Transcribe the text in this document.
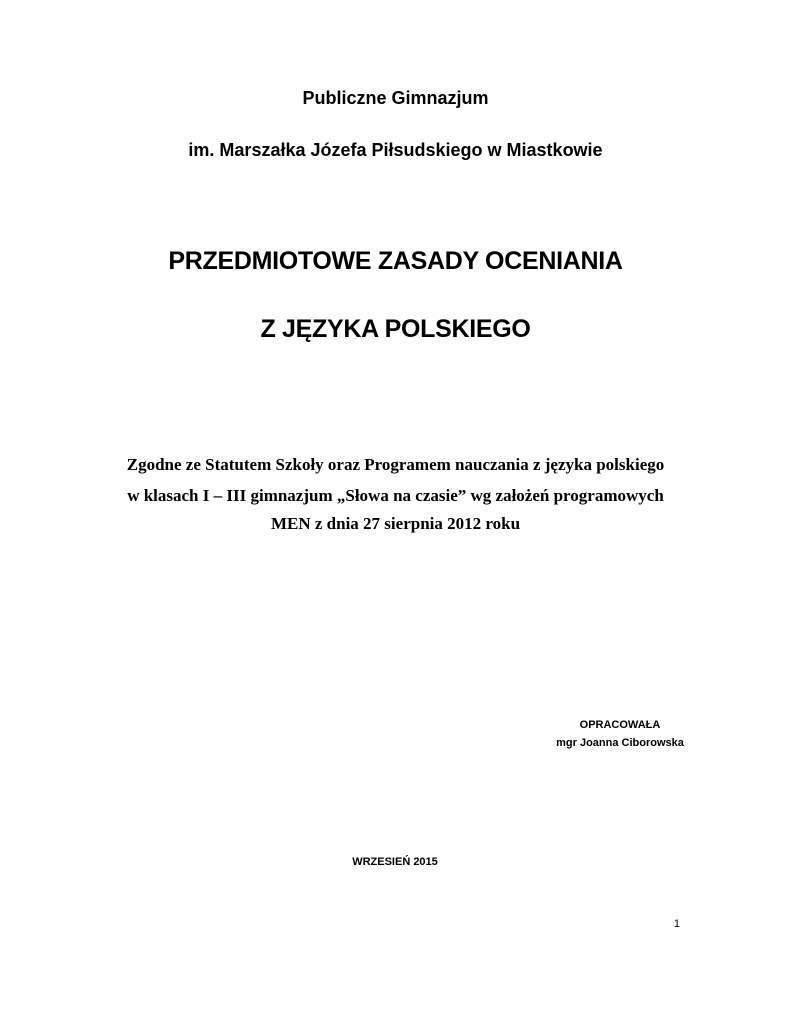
Publiczne Gimnazjum
im. Marszałka Józefa Piłsudskiego w Miastkowie
PRZEDMIOTOWE ZASADY OCENIANIA
Z JĘZYKA POLSKIEGO
Zgodne ze Statutem Szkoły oraz Programem nauczania z języka polskiego
w klasach I – III gimnazjum „Słowa na czasie” wg założeń programowych
MEN z dnia 27 sierpnia 2012 roku
OPRACOWAŁA
mgr Joanna Ciborowska
WRZESIEŃ 2015
1
